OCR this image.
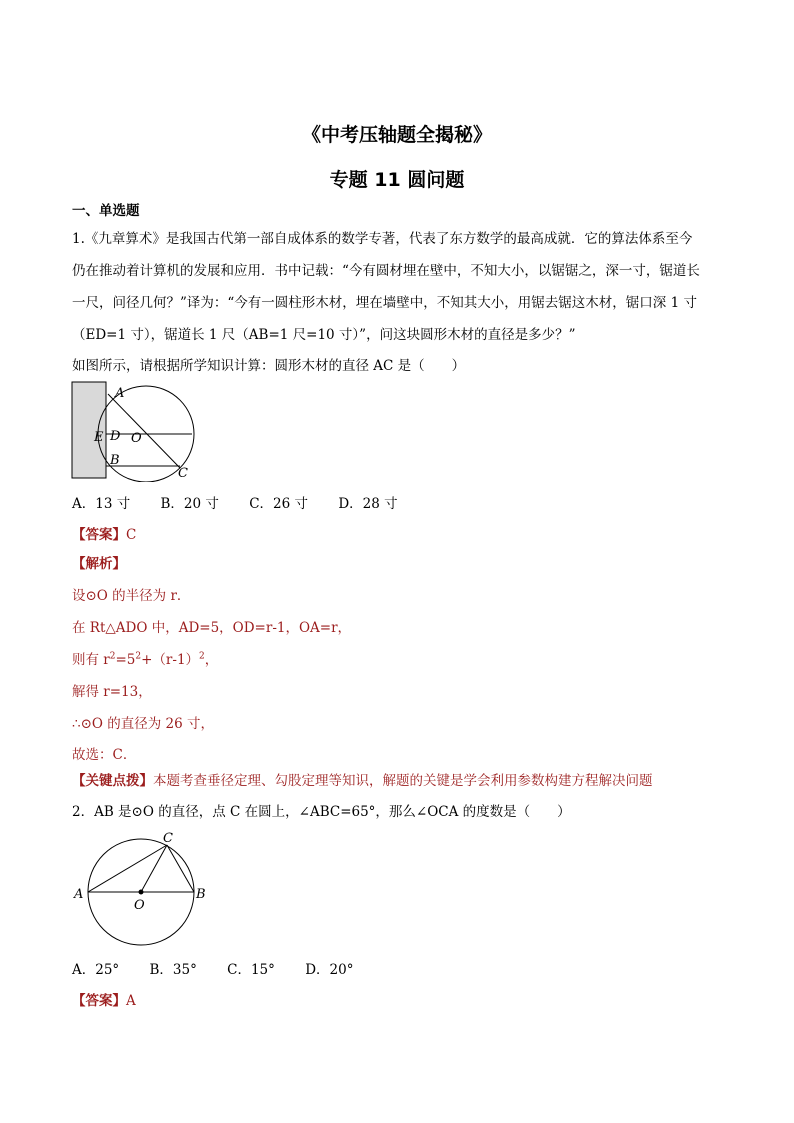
《中考压轴题全揭秘》
专题 11 圆问题
一、单选题
1.《九章算术》是我国古代第一部自成体系的数学专著，代表了东方数学的最高成就．它的算法体系至今
仍在推动着计算机的发展和应用．书中记载：“今有圆材埋在壁中，不知大小，以锯锯之，深一寸，锯道长
一尺，问径几何？”译为：“今有一圆柱形木材，埋在墙壁中，不知其大小，用锯去锯这木材，锯口深 1 寸
（ED=1 寸），锯道长 1 尺（AB=1 尺=10 寸）”，问这块圆形木材的直径是多少？”
如图所示，请根据所学知识计算：圆形木材的直径 AC 是（　　）
A
E D O
B
C
A．13 寸 B．20 寸 C．26 寸 D．28 寸
【答案】C
【解析】
设⊙O 的半径为 r．
在 Rt△ADO 中，AD=5，OD=r-1，OA=r，
则有 $r^2=5^2+(r-1)^2$，
解得 r=13，
∴⊙O 的直径为 26 寸，
故选：C．
【关键点拨】本题考查垂径定理、勾股定理等知识，解题的关键是学会利用参数构建方程解决问题
2．AB 是⊙O 的直径，点 C 在圆上，∠ABC=65°，那么∠OCA 的度数是（　　）
A	B
C
O
A．25° B．35° C．15° D．20°
【答案】A
